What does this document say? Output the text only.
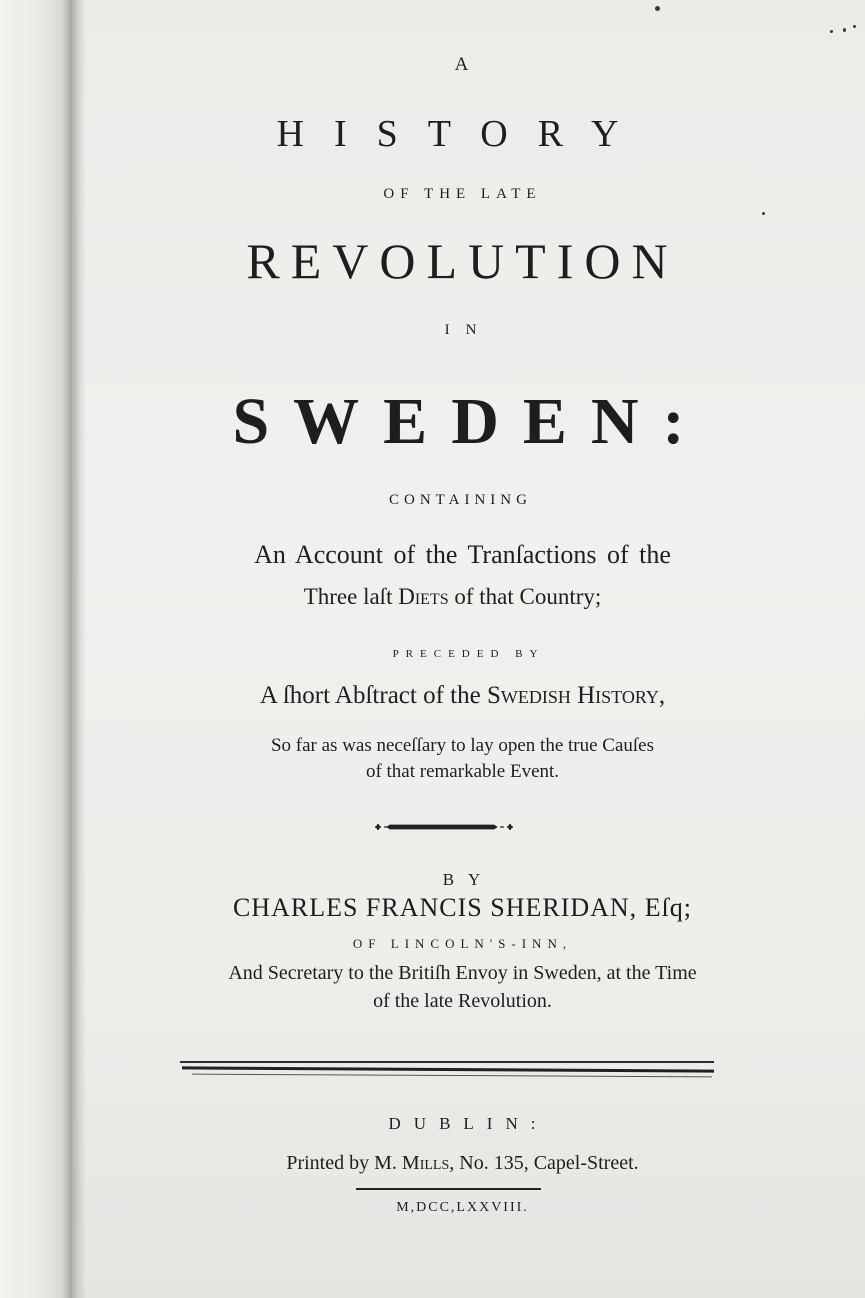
A
HISTORY
OF THE LATE
REVOLUTION
IN
SWEDEN:
CONTAINING
An Account of the Tranſactions of the
Three laſt Diets of that Country;
PRECEDED BY
A ſhort Abſtract of the Swedish History,
So far as was neceſſary to lay open the true Cauſes
of that remarkable Event.
BY
CHARLES FRANCIS SHERIDAN, Eſq;
OF LINCOLN'S-INN,
And Secretary to the Britiſh Envoy in Sweden, at the Time
of the late Revolution.
DUBLIN:
Printed by M. Mills, No. 135, Capel-Street.
M,DCC,LXXVIII.
